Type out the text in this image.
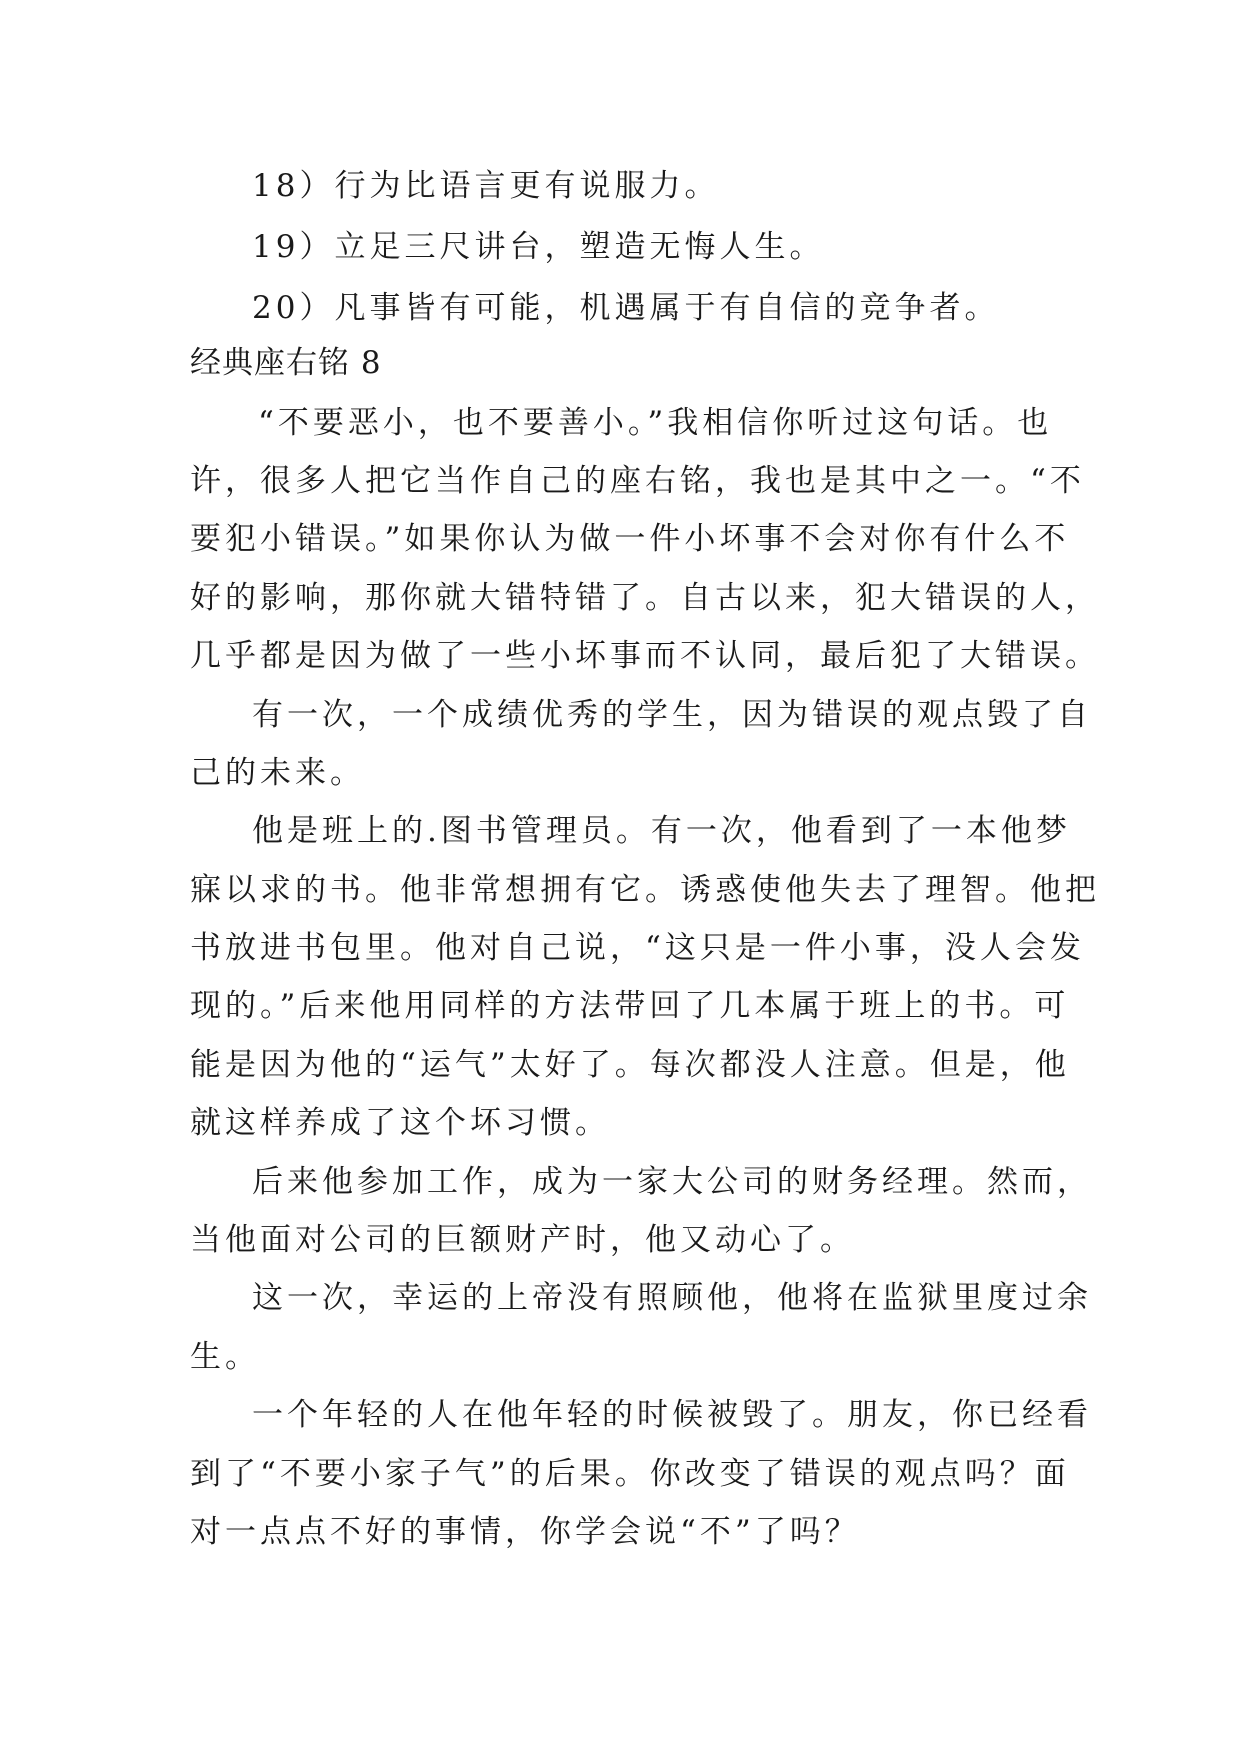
18）行为比语言更有说服力。
19）立足三尺讲台，塑造无悔人生。
20）凡事皆有可能，机遇属于有自信的竞争者。
经典座右铭 8
“不要恶小，也不要善小。”我相信你听过这句话。也
许，很多人把它当作自己的座右铭，我也是其中之一。“不
要犯小错误。”如果你认为做一件小坏事不会对你有什么不
好的影响，那你就大错特错了。自古以来，犯大错误的人，
几乎都是因为做了一些小坏事而不认同，最后犯了大错误。
有一次，一个成绩优秀的学生，因为错误的观点毁了自
己的未来。
他是班上的.图书管理员。有一次，他看到了一本他梦
寐以求的书。他非常想拥有它。诱惑使他失去了理智。他把
书放进书包里。他对自己说，“这只是一件小事，没人会发
现的。”后来他用同样的方法带回了几本属于班上的书。可
能是因为他的“运气”太好了。每次都没人注意。但是，他
就这样养成了这个坏习惯。
后来他参加工作，成为一家大公司的财务经理。然而，
当他面对公司的巨额财产时，他又动心了。
这一次，幸运的上帝没有照顾他，他将在监狱里度过余
生。
一个年轻的人在他年轻的时候被毁了。朋友，你已经看
到了“不要小家子气”的后果。你改变了错误的观点吗？面
对一点点不好的事情，你学会说“不”了吗？
